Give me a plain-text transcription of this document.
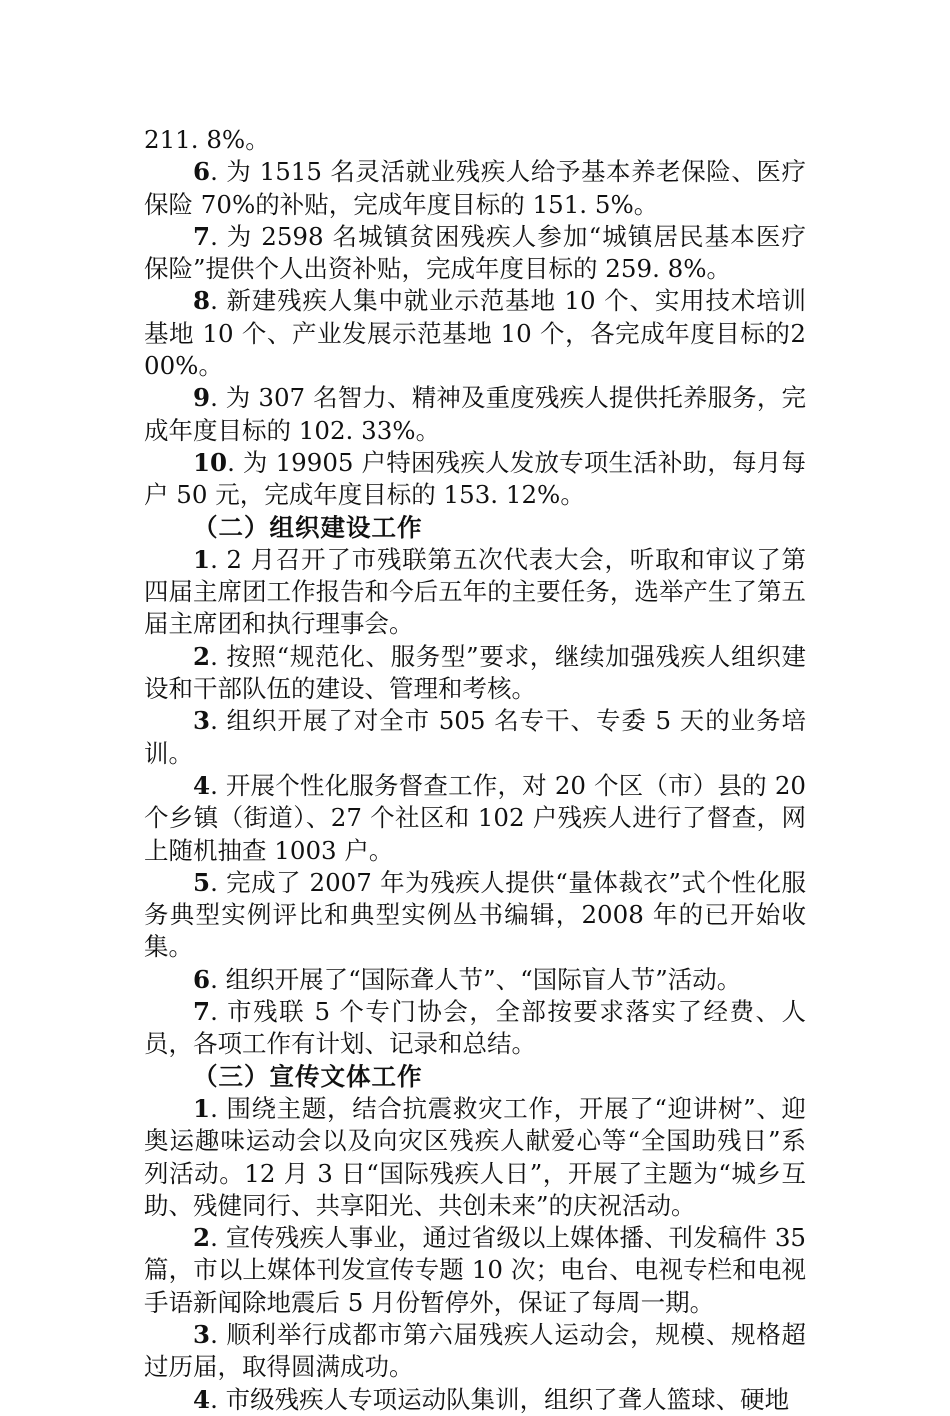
211. 8%。

6. 为 1515 名灵活就业残疾人给予基本养老保险、医疗保险 70%的补贴，完成年度目标的 151. 5%。

7. 为 2598 名城镇贫困残疾人参加“城镇居民基本医疗保险”提供个人出资补贴，完成年度目标的 259. 8%。

8. 新建残疾人集中就业示范基地 10 个、实用技术培训基地 10 个、产业发展示范基地 10 个，各完成年度目标的200%。

9. 为 307 名智力、精神及重度残疾人提供托养服务，完成年度目标的 102. 33%。

10. 为 19905 户特困残疾人发放专项生活补助，每月每户 50 元，完成年度目标的 153. 12%。

（二）组织建设工作

1. 2 月召开了市残联第五次代表大会，听取和审议了第四届主席团工作报告和今后五年的主要任务，选举产生了第五届主席团和执行理事会。

2. 按照“规范化、服务型”要求，继续加强残疾人组织建设和干部队伍的建设、管理和考核。

3. 组织开展了对全市 505 名专干、专委 5 天的业务培训。

4. 开展个性化服务督查工作，对 20 个区（市）县的 20 个乡镇（街道）、27 个社区和 102 户残疾人进行了督查，网上随机抽查 1003 户。

5. 完成了 2007 年为残疾人提供“量体裁衣”式个性化服务典型实例评比和典型实例丛书编辑，2008 年的已开始收集。

6. 组织开展了“国际聋人节”、“国际盲人节”活动。

7. 市残联 5 个专门协会，全部按要求落实了经费、人员，各项工作有计划、记录和总结。

（三）宣传文体工作

1. 围绕主题，结合抗震救灾工作，开展了“迎讲树”、迎奥运趣味运动会以及向灾区残疾人献爱心等“全国助残日”系列活动。12 月 3 日“国际残疾人日”，开展了主题为“城乡互助、残健同行、共享阳光、共创未来”的庆祝活动。

2. 宣传残疾人事业，通过省级以上媒体播、刊发稿件 35 篇，市以上媒体刊发宣传专题 10 次；电台、电视专栏和电视手语新闻除地震后 5 月份暂停外，保证了每周一期。

3. 顺利举行成都市第六届残疾人运动会，规模、规格超过历届，取得圆满成功。

4. 市级残疾人专项运动队集训，组织了聋人篮球、硬地
